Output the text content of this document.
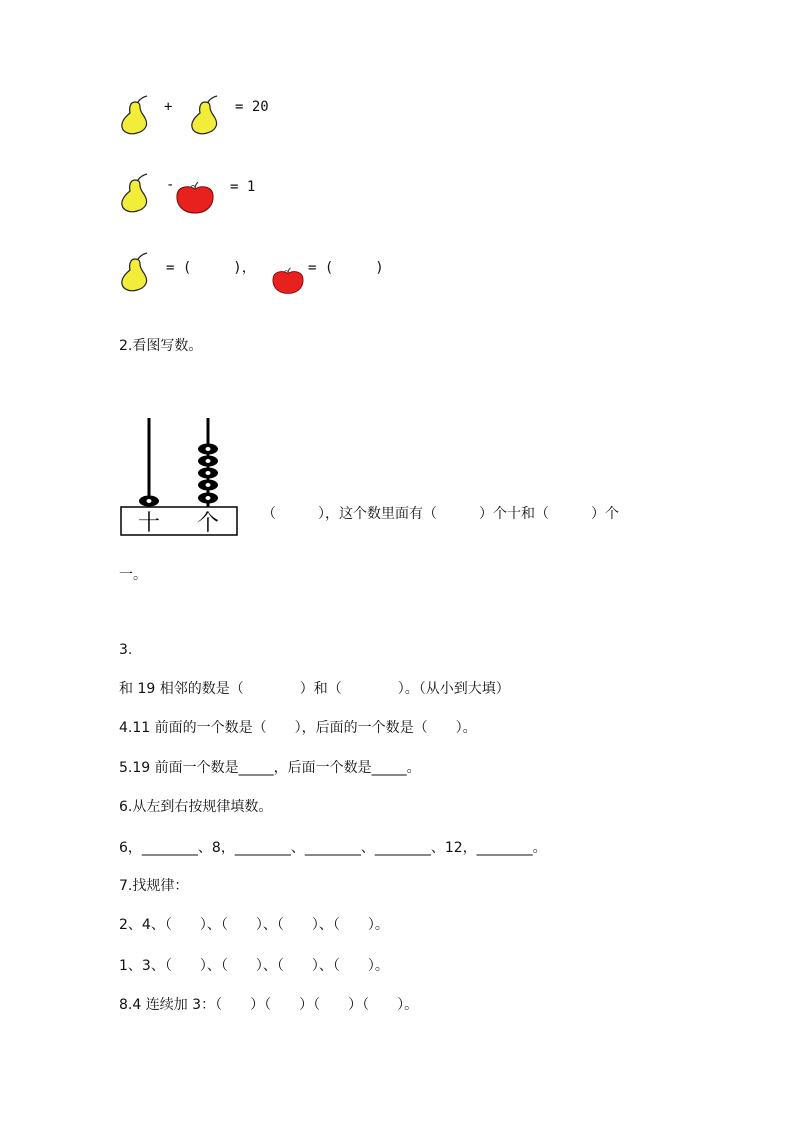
+	= 20
-	= 1
= (　　　)，	= (　　　)
2.看图写数。
十 个	（　　　），这个数里面有（　　　）个十和（　　　）个
一。
3.
和 19 相邻的数是（　　　　）和（　　　　）。（从小到大填）
4.11 前面的一个数是（　　），后面的一个数是（　　）。
5.19 前面一个数是_____，后面一个数是_____。
6.从左到右按规律填数。
6，________、8，________、________、________、12，________。
7.找规律：
2、4、（　　）、（　　）、（　　）、（　　）。
1、3、（　　）、（　　）、（　　）、（　　）。
8.4 连续加 3：（　　）（　　）（　　）（　　）。
